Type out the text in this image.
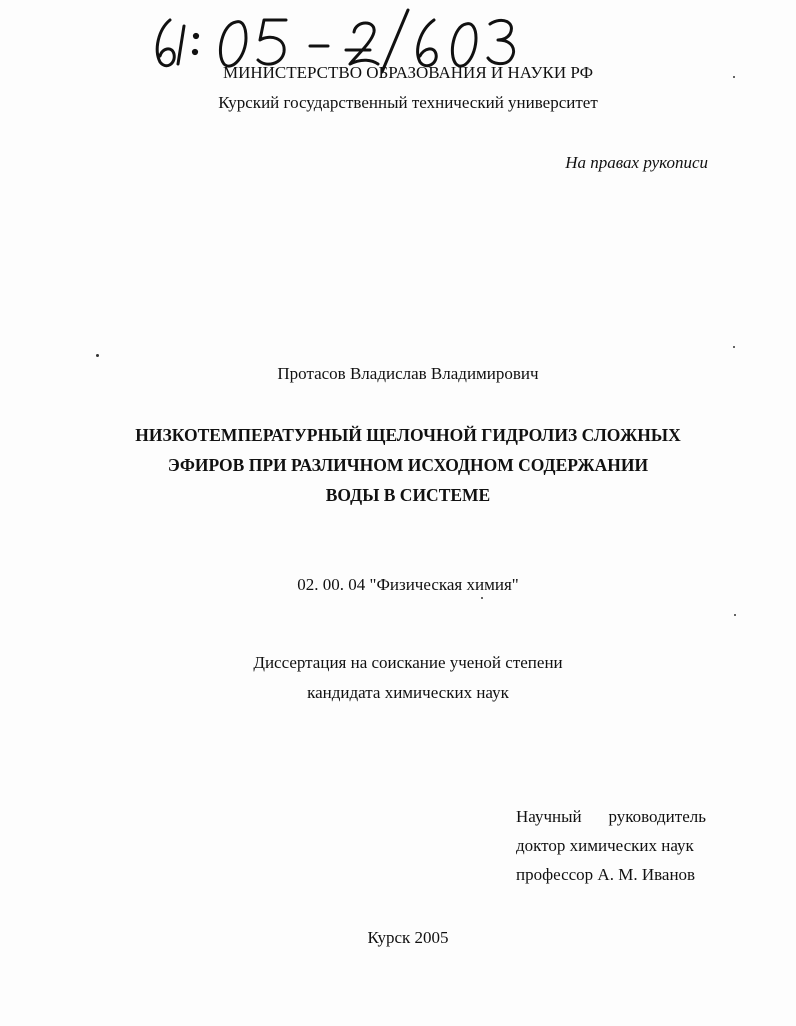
МИНИСТЕРСТВО ОБРАЗОВАНИЯ И НАУКИ РФ
Курский государственный технический университет
На правах рукописи
Протасов Владислав Владимирович
НИЗКОТЕМПЕРАТУРНЫЙ ЩЕЛОЧНОЙ ГИДРОЛИЗ СЛОЖНЫХ
ЭФИРОВ ПРИ РАЗЛИЧНОМ ИСХОДНОМ СОДЕРЖАНИИ
ВОДЫ В СИСТЕМЕ
02. 00. 04 "Физическая химия"
Диссертация на соискание ученой степени
кандидата химических наук
Научный руководитель
доктор химических наук
профессор А. М. Иванов
Курск 2005
